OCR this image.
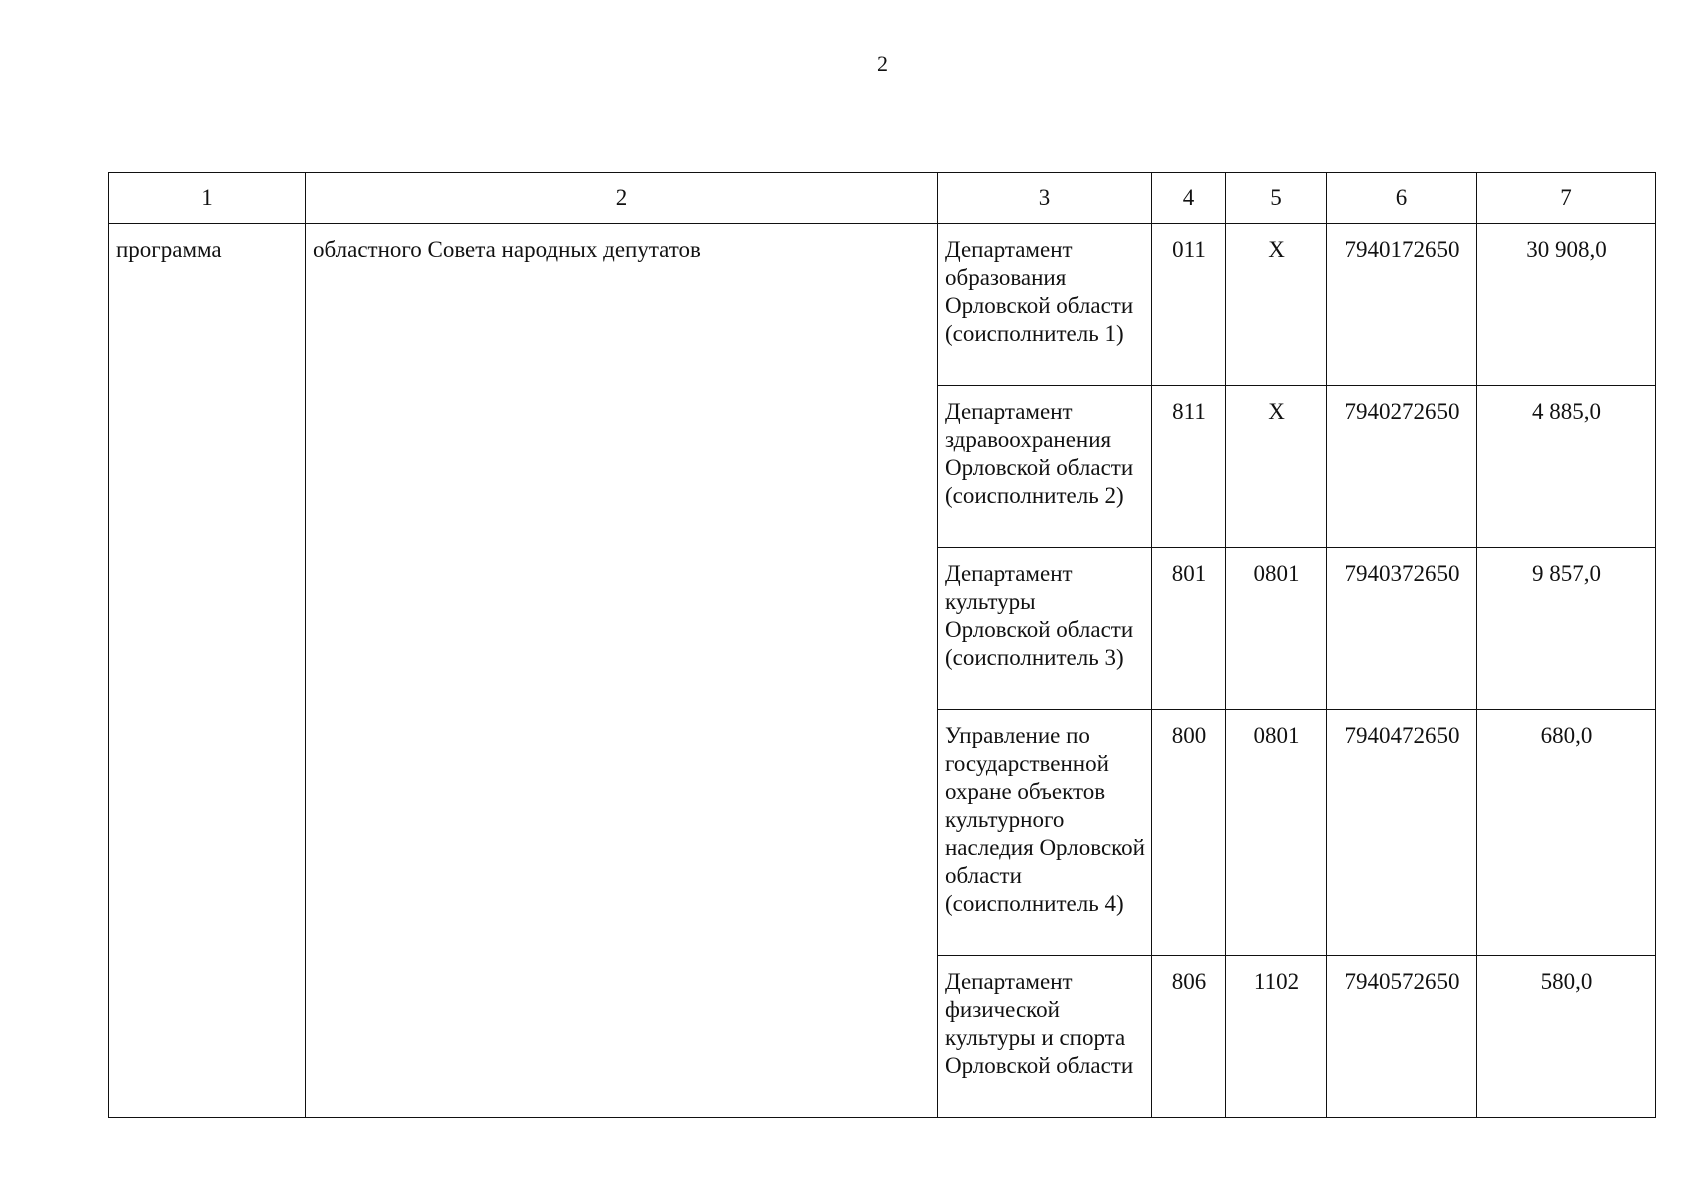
2
1	2	3	4	5	6	7

программа	областного Совета народных депутатов	Департамент образования Орловской области (соисполнитель 1)	011	Х	7940172650	30 908,0

		Департамент здравоохранения Орловской области (соисполнитель 2)	811	Х	7940272650	4 885,0

		Департамент культуры Орловской области (соисполнитель 3)	801	0801	7940372650	9 857,0

		Управление по государственной охране объектов культурного наследия Орловской области (соисполнитель 4)	800	0801	7940472650	680,0

		Департамент физической культуры и спорта Орловской области	806	1102	7940572650	580,0
